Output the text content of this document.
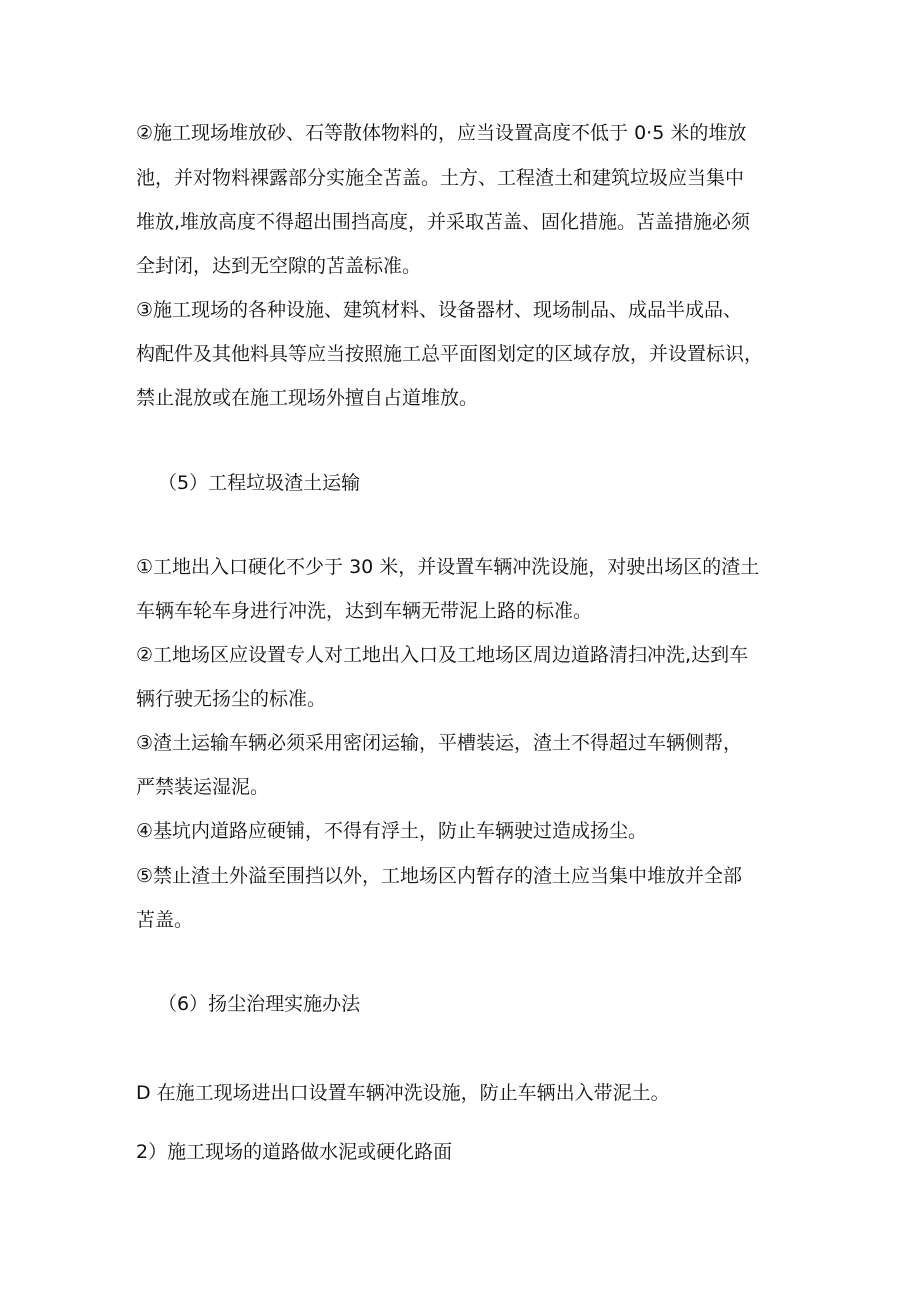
②施工现场堆放砂、石等散体物料的，应当设置高度不低于 0·5 米的堆放

池，并对物料裸露部分实施全苫盖。土方、工程渣土和建筑垃圾应当集中

堆放,堆放高度不得超出围挡高度，并采取苫盖、固化措施。苫盖措施必须

全封闭，达到无空隙的苫盖标准。

③施工现场的各种设施、建筑材料、设备器材、现场制品、成品半成品、

构配件及其他料具等应当按照施工总平面图划定的区域存放，并设置标识，

禁止混放或在施工现场外擅自占道堆放。

（5）工程垃圾渣土运输

①工地出入口硬化不少于 30 米，并设置车辆冲洗设施，对驶出场区的渣土

车辆车轮车身进行冲洗，达到车辆无带泥上路的标准。

②工地场区应设置专人对工地出入口及工地场区周边道路清扫冲洗,达到车

辆行驶无扬尘的标准。

③渣土运输车辆必须采用密闭运输，平槽装运，渣土不得超过车辆侧帮，

严禁装运湿泥。

④基坑内道路应硬铺，不得有浮土，防止车辆驶过造成扬尘。

⑤禁止渣土外溢至围挡以外，工地场区内暂存的渣土应当集中堆放并全部

苫盖。

（6）扬尘治理实施办法

D 在施工现场进出口设置车辆冲洗设施，防止车辆出入带泥土。

2）施工现场的道路做水泥或硬化路面
